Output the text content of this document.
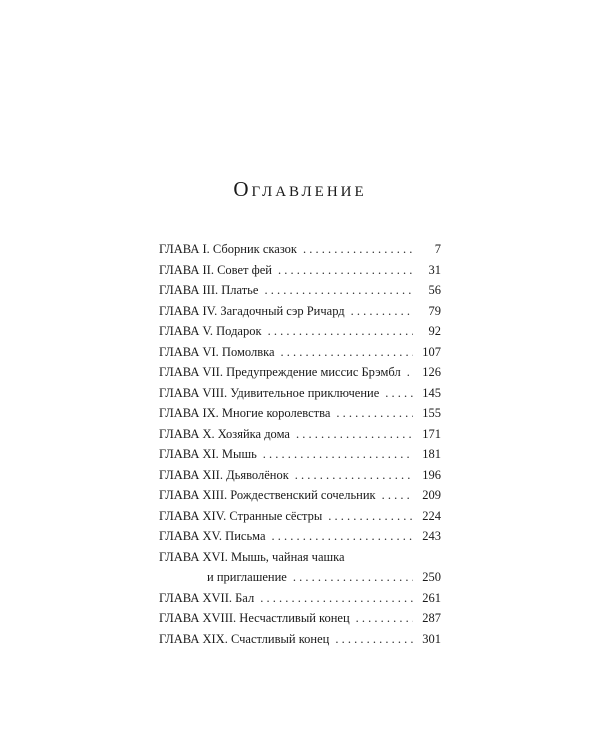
Оглавление
ГЛАВА I. Сборник сказок . . .	7
ГЛАВА II. Совет фей . . .	31
ГЛАВА III. Платье . . .	56
ГЛАВА IV. Загадочный сэр Ричард . . .	79
ГЛАВА V. Подарок . . .	92
ГЛАВА VI. Помолвка . . .	107
ГЛАВА VII. Предупреждение миссис Брэмбл . . . 126
ГЛАВА VIII. Удивительное приключение . . .	145
ГЛАВА IX. Многие королевства . . .	155
ГЛАВА X. Хозяйка дома . . .	171
ГЛАВА XI. Мышь . . .	181
ГЛАВА XII. Дьяволёнок . . .	196
ГЛАВА XIII. Рождественский сочельник . . .	209
ГЛАВА XIV. Странные сёстры . . .	224
ГЛАВА XV. Письма . . .	243
ГЛАВА XVI. Мышь, чайная чашка
и приглашение . . .	250
ГЛАВА XVII. Бал . . .	261
ГЛАВА XVIII. Несчастливый конец . . .	287
ГЛАВА XIX. Счастливый конец . . .	301
